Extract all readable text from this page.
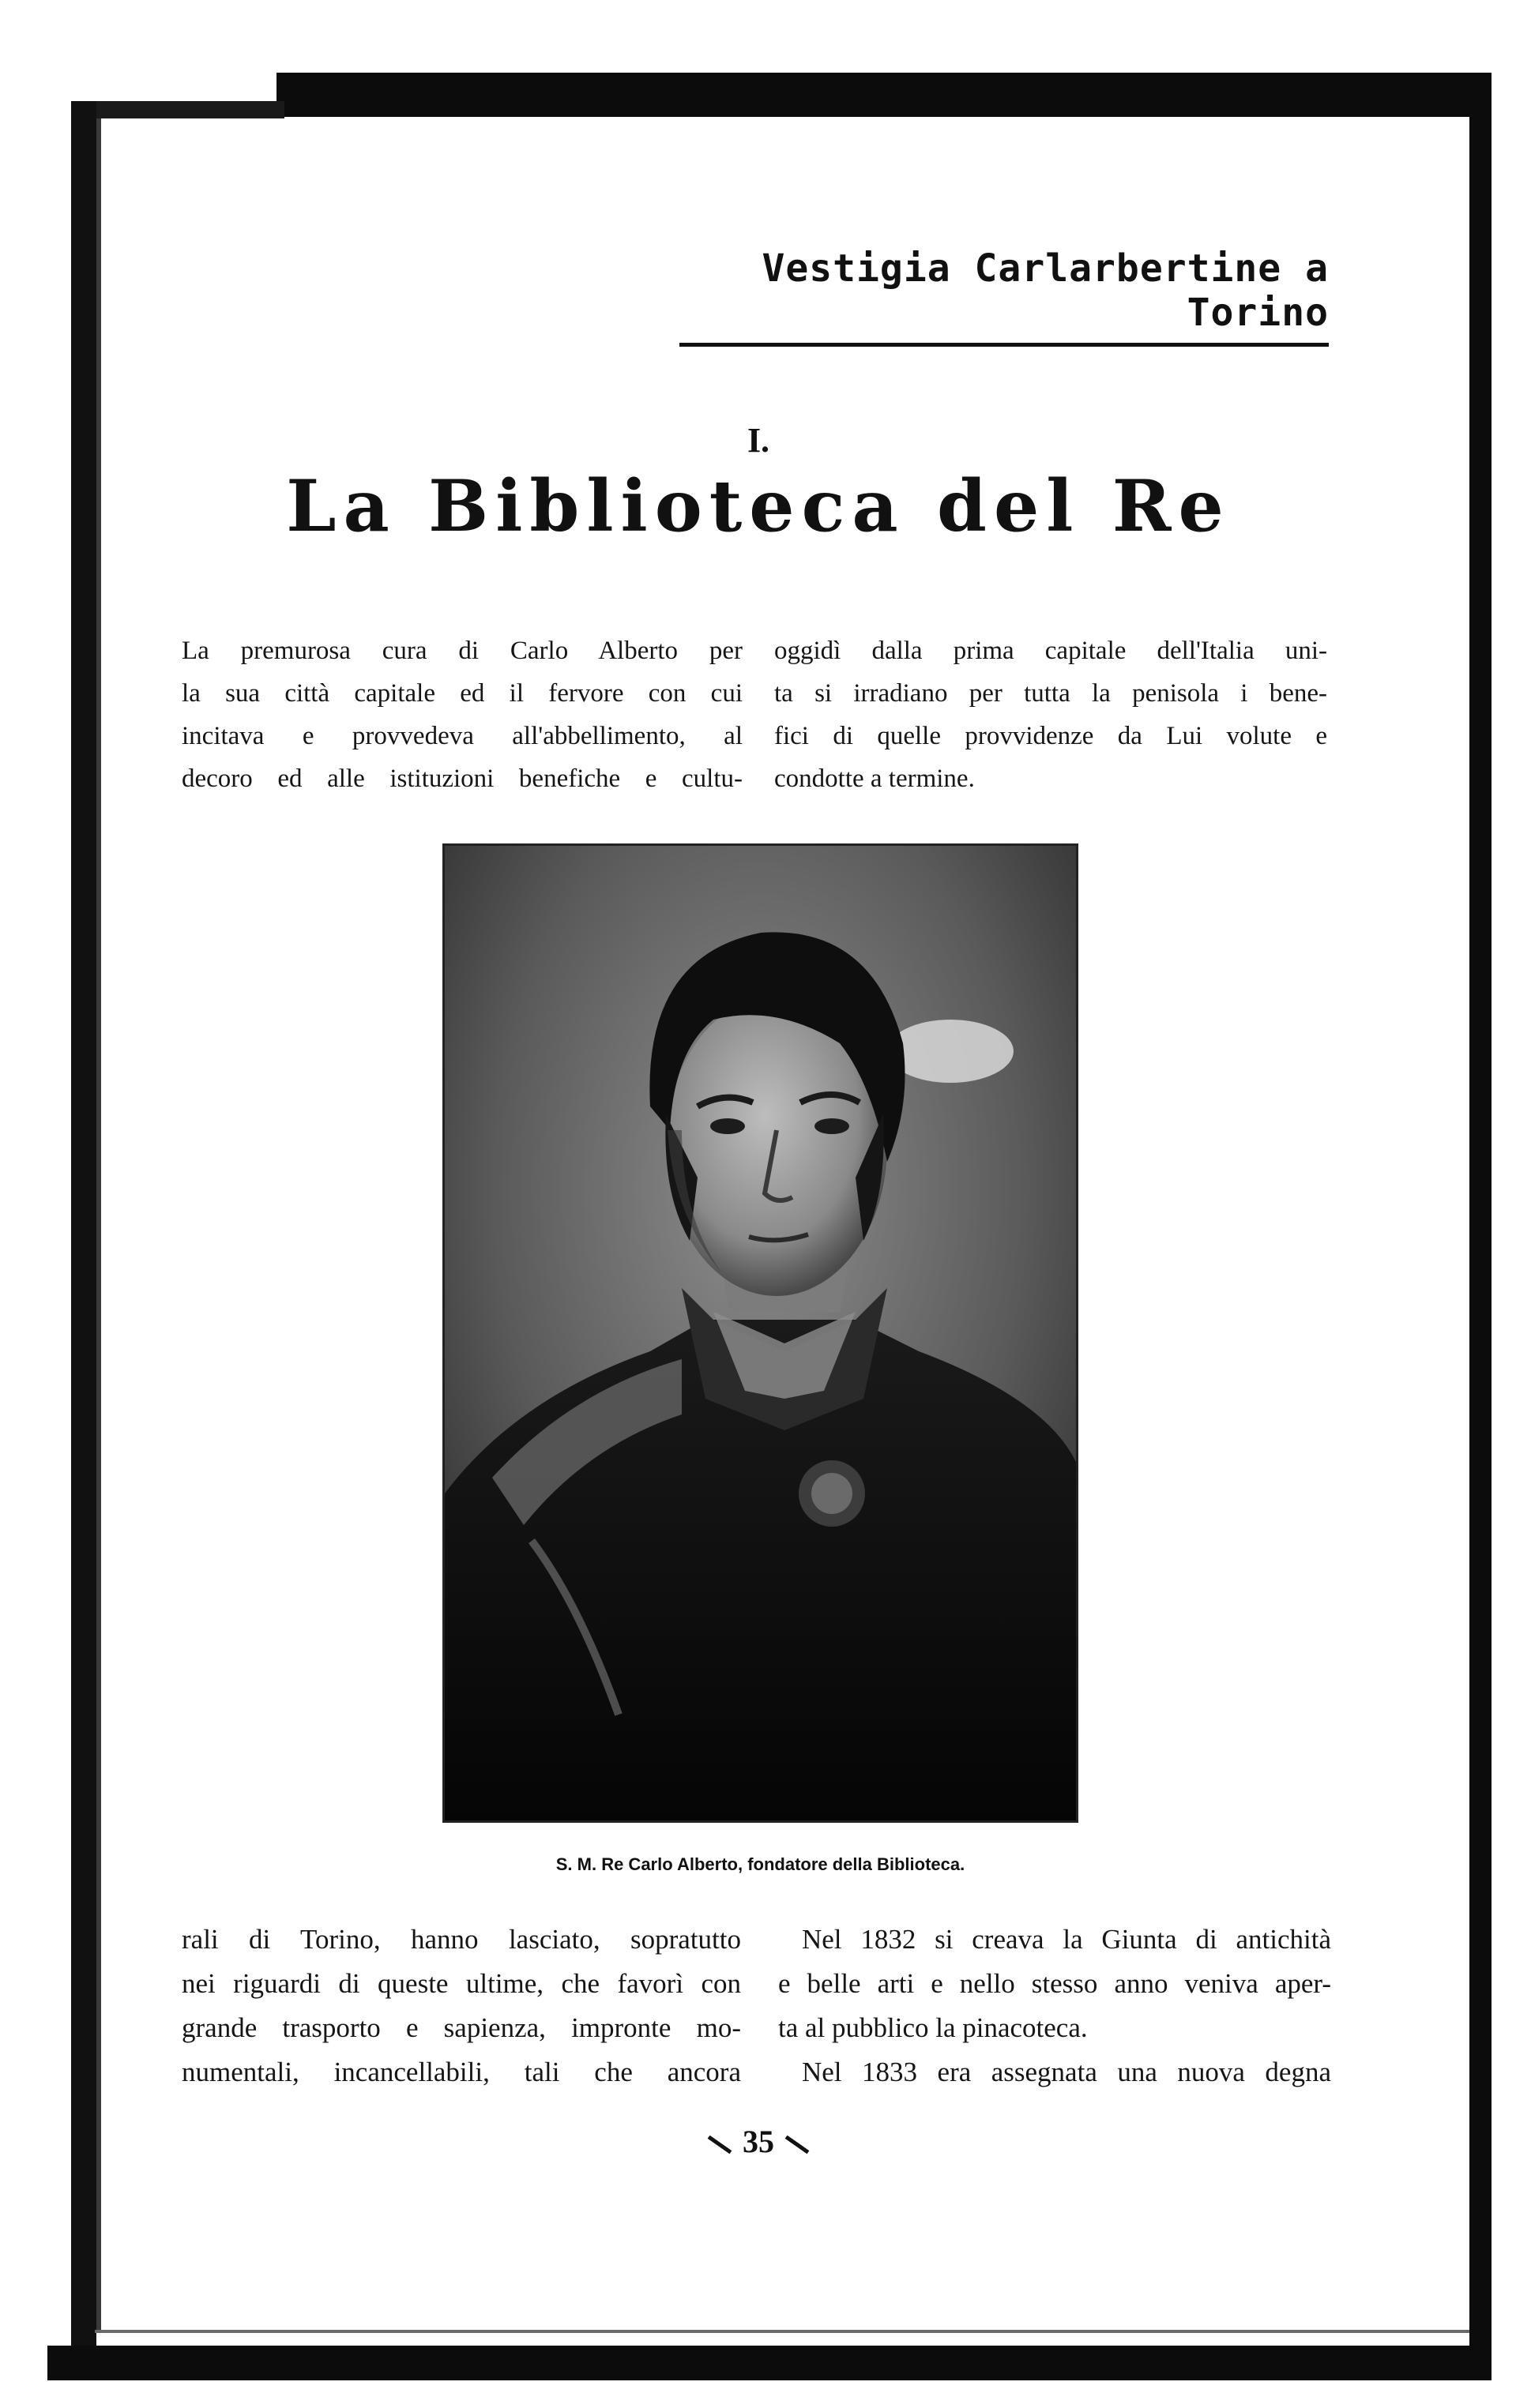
Vestigia Carlarbertine a Torino
I.
La Biblioteca del Re
La premurosa cura di Carlo Alberto per
la sua città capitale ed il fervore con cui
incitava e provvedeva all'abbellimento, al
decoro ed alle istituzioni benefiche e cultu-
oggidì dalla prima capitale dell'Italia uni-
ta si irradiano per tutta la penisola i bene-
fici di quelle provvidenze da Lui volute e
condotte a termine.
S. M. Re Carlo Alberto, fondatore della Biblioteca.
rali di Torino, hanno lasciato, sopratutto
nei riguardi di queste ultime, che favorì con
grande trasporto e sapienza, impronte mo-
numentali, incancellabili, tali che ancora
Nel 1832 si creava la Giunta di antichità
e belle arti e nello stesso anno veniva aper-
ta al pubblico la pinacoteca.
Nel 1833 era assegnata una nuova degna
35
